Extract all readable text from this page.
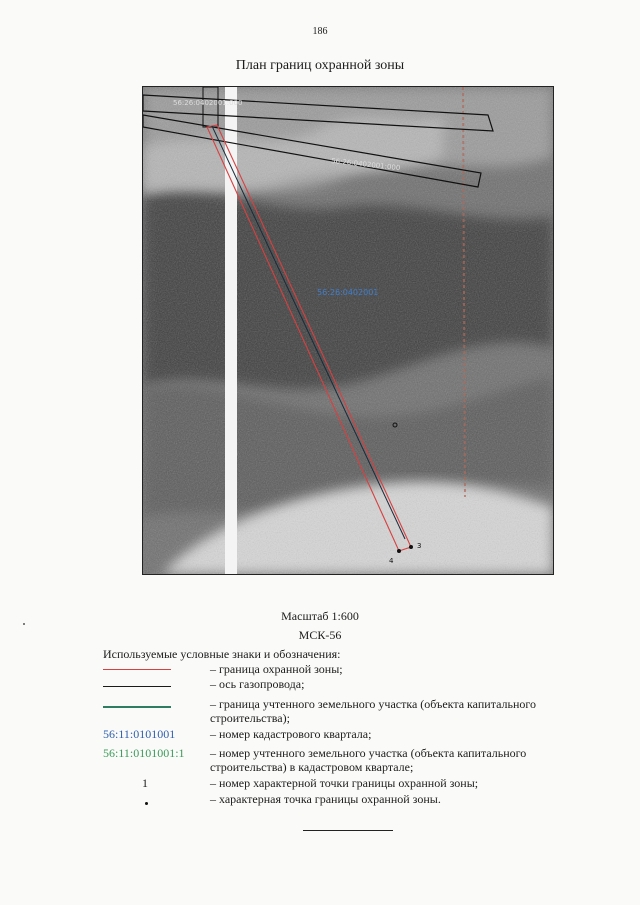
186
План границ охранной зоны
56:26:0402001:000
56:26:0402001:000
56:26:0402001
3
4
Масштаб 1:600
МСК-56
Используемые условные знаки и обозначения:
– границa охранной зоны;
– ось газопровода;
– граница учтенного земельного участка (объекта капитального строительства);
56:11:0101001	– номер кадастрового квартала;
56:11:0101001:1 – номер учтенного земельного участка (объекта капитального строительства) в кадастровом квартале;
1	– номер характерной точки границы охранной зоны;
– характерная точка границы охранной зоны.
